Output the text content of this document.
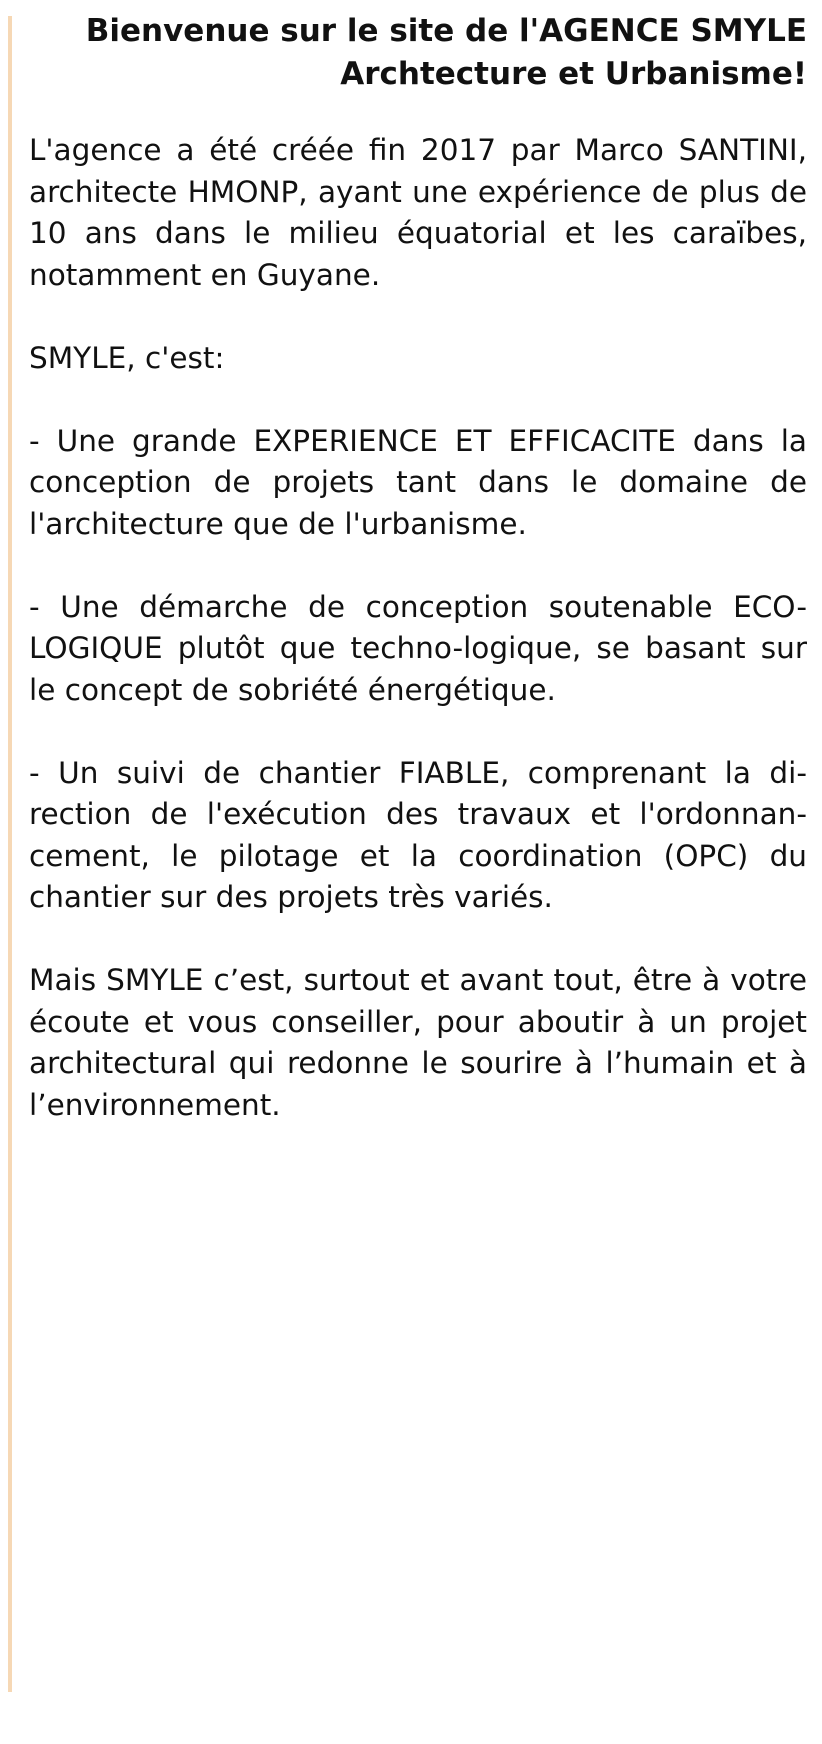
Bienvenue sur le site de l'AGENCE SMYLE
Archtecture et Urbanisme!

L'agence a été créée fin 2017 par Marco SANTINI, architecte HMONP, ayant une expérience de plus de 10 ans dans le milieu équatorial et les caraïbes, notamment en Guyane.

SMYLE, c'est:

- Une grande EXPERIENCE ET EFFICACITE dans la conception de projets tant dans le domaine de l'architecture que de l'urbanisme.

- Une démarche de conception soutenable ECO-LOGIQUE plutôt que techno-logique, se basant sur le concept de sobriété énergétique.

- Un suivi de chantier FIABLE, comprenant la direction de l'exécution des travaux et l'ordonnancement, le pilotage et la coordination (OPC) du chantier sur des projets très variés.

Mais SMYLE c’est, surtout et avant tout, être à votre écoute et vous conseiller, pour aboutir à un projet architectural qui redonne le sourire à l’humain et à l’environnement.
